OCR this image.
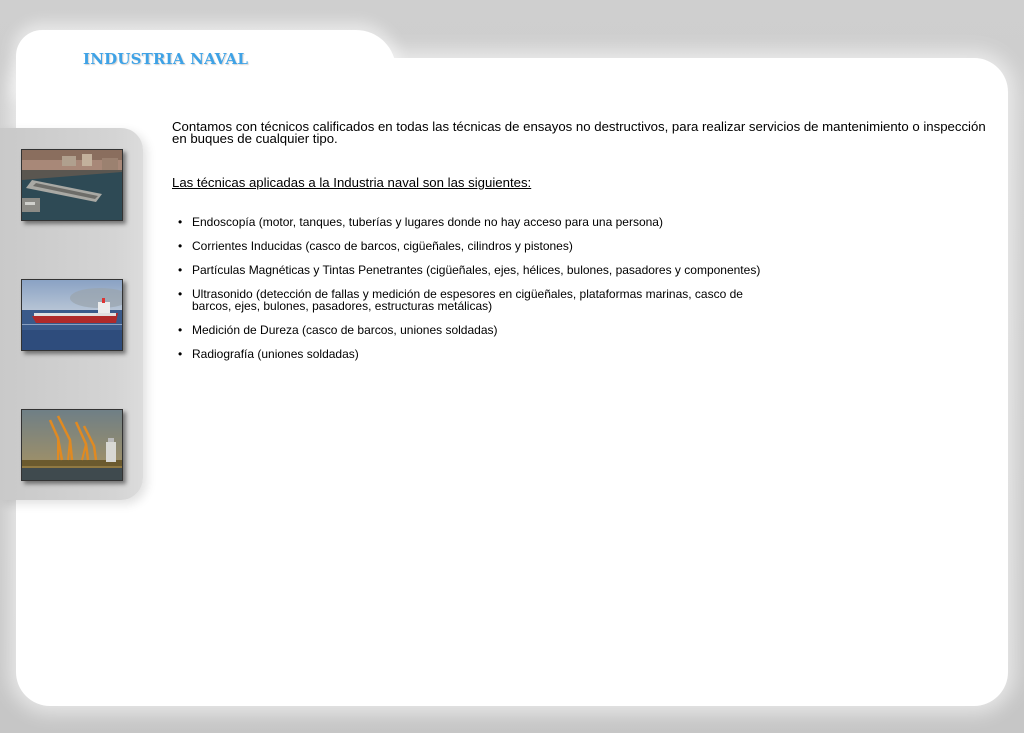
INDUSTRIA NAVAL

Contamos con técnicos calificados en todas las técnicas de ensayos no destructivos, para realizar servicios de mantenimiento o inspección en buques de cualquier tipo.

Las técnicas aplicadas a la Industria naval son las siguientes:

• Endoscopía (motor, tanques, tuberías y lugares donde no hay acceso para una persona)
• Corrientes Inducidas (casco de barcos, cigüeñales, cilindros y pistones)
• Partículas Magnéticas y Tintas Penetrantes (cigüeñales, ejes, hélices, bulones, pasadores y componentes)
• Ultrasonido (detección de fallas y medición de espesores en cigüeñales, plataformas marinas, casco de barcos, ejes, bulones, pasadores, estructuras metálicas)
• Medición de Dureza (casco de barcos, uniones soldadas)
• Radiografía (uniones soldadas)
